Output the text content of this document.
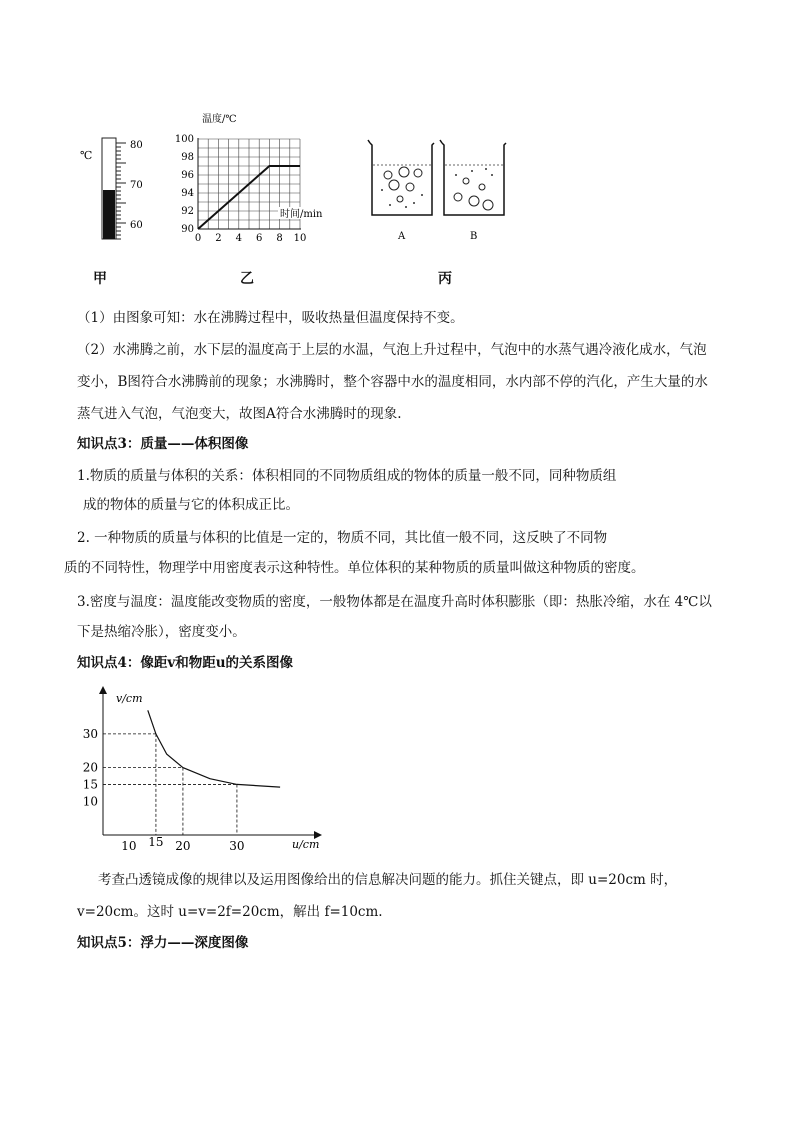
℃
80
70
60
温度/℃
时间/min
100
98
96
94
92
90
0 2 4 6 8 10	A	B
甲	乙	丙
（1）由图象可知：水在沸腾过程中，吸收热量但温度保持不变。
（2）水沸腾之前，水下层的温度高于上层的水温，气泡上升过程中，气泡中的水蒸气遇冷液化成水，气泡
变小，B图符合水沸腾前的现象；水沸腾时，整个容器中水的温度相同，水内部不停的汽化，产生大量的水
蒸气进入气泡，气泡变大，故图A符合水沸腾时的现象.
知识点3：质量——体积图像
1.物质的质量与体积的关系：体积相同的不同物质组成的物体的质量一般不同，同种物质组
成的物体的质量与它的体积成正比。
2. 一种物质的质量与体积的比值是一定的，物质不同，其比值一般不同，这反映了不同物
质的不同特性，物理学中用密度表示这种特性。单位体积的某种物质的质量叫做这种物质的密度。
3.密度与温度：温度能改变物质的密度，一般物体都是在温度升高时体积膨胀（即：热胀冷缩，水在 4℃以
下是热缩冷胀），密度变小。
知识点4：像距v和物距u的关系图像
v/cm
u/cm
30
20
15
10
10 15 20	30
考查凸透镜成像的规律以及运用图像给出的信息解决问题的能力。抓住关键点，即 u=20cm 时，
v=20cm。这时 u=v=2f=20cm，解出 f=10cm.
知识点5：浮力——深度图像
